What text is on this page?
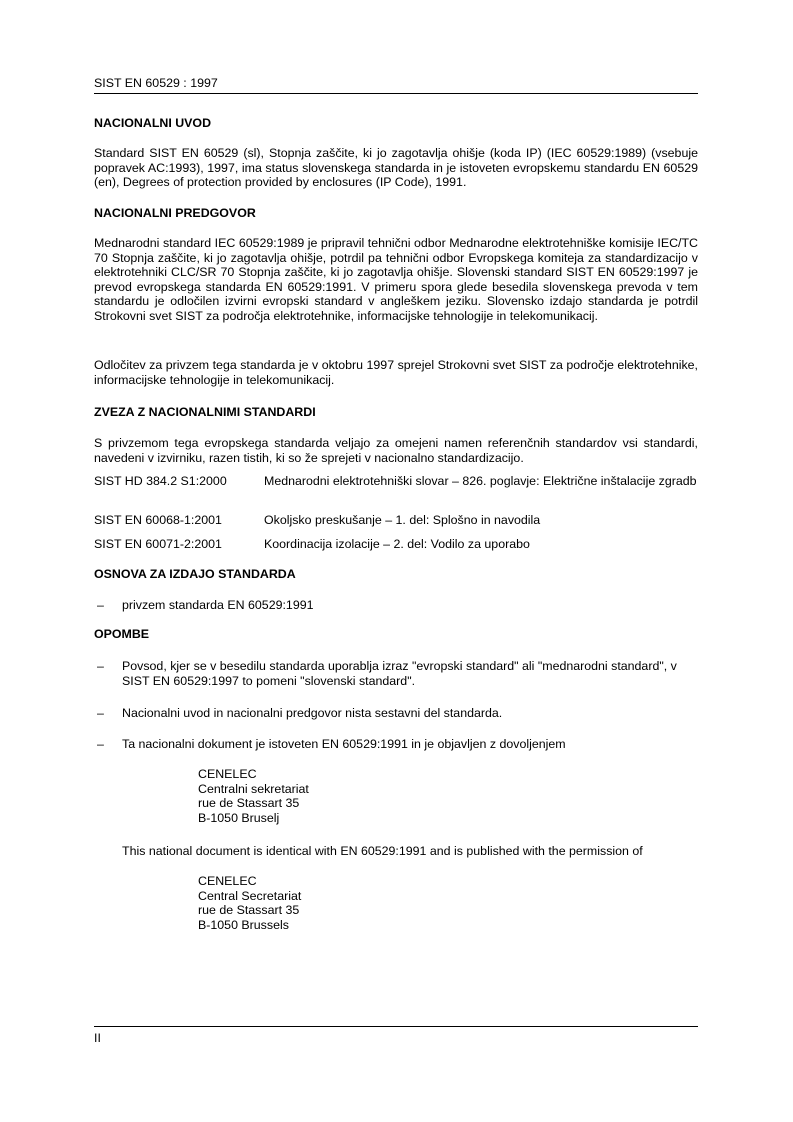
SIST EN 60529 : 1997
NACIONALNI UVOD

Standard SIST EN 60529 (sl), Stopnja zaščite, ki jo zagotavlja ohišje (koda IP) (IEC 60529:1989) (vsebuje popravek AC:1993), 1997, ima status slovenskega standarda in je istoveten evropskemu standardu EN 60529 (en), Degrees of protection provided by enclosures (IP Code), 1991.

NACIONALNI PREDGOVOR

Mednarodni standard IEC 60529:1989 je pripravil tehnični odbor Mednarodne elektrotehniške komisije IEC/TC 70 Stopnja zaščite, ki jo zagotavlja ohišje, potrdil pa tehnični odbor Evropskega komiteja za standardizacijo v elektrotehniki CLC/SR 70 Stopnja zaščite, ki jo zagotavlja ohišje. Slovenski standard SIST EN 60529:1997 je prevod evropskega standarda EN 60529:1991. V primeru spora glede besedila slovenskega prevoda v tem standardu je odločilen izvirni evropski standard v angleškem jeziku. Slovensko izdajo standarda je potrdil Strokovni svet SIST za področja elektrotehnike, informacijske tehnologije in telekomunikacij.

Odločitev za privzem tega standarda je v oktobru 1997 sprejel Strokovni svet SIST za področje elektrotehnike, informacijske tehnologije in telekomunikacij.

ZVEZA Z NACIONALNIMI STANDARDI

S privzemom tega evropskega standarda veljajo za omejeni namen referenčnih standardov vsi standardi, navedeni v izvirniku, razen tistih, ki so že sprejeti v nacionalno standardizacijo.

SIST HD 384.2 S1:2000	Mednarodni elektrotehniški slovar – 826. poglavje: Električne inštalacije zgradb
SIST EN 60068-1:2001	Okoljsko preskušanje – 1. del: Splošno in navodila
SIST EN 60071-2:2001	Koordinacija izolacije – 2. del: Vodilo za uporabo
OSNOVA ZA IZDAJO STANDARDA
–	privzem standarda EN 60529:1991
OPOMBE
–	Povsod, kjer se v besedilu standarda uporablja izraz "evropski standard" ali "mednarodni standard", v SIST EN 60529:1997 to pomeni "slovenski standard".
–	Nacionalni uvod in nacionalni predgovor nista sestavni del standarda.
–	Ta nacionalni dokument je istoveten EN 60529:1991 in je objavljen z dovoljenjem
CENELEC
Centralni sekretariat
rue de Stassart 35
B-1050 Bruselj

This national document is identical with EN 60529:1991 and is published with the permission of

CENELEC
Central Secretariat
rue de Stassart 35
B-1050 Brussels
II
